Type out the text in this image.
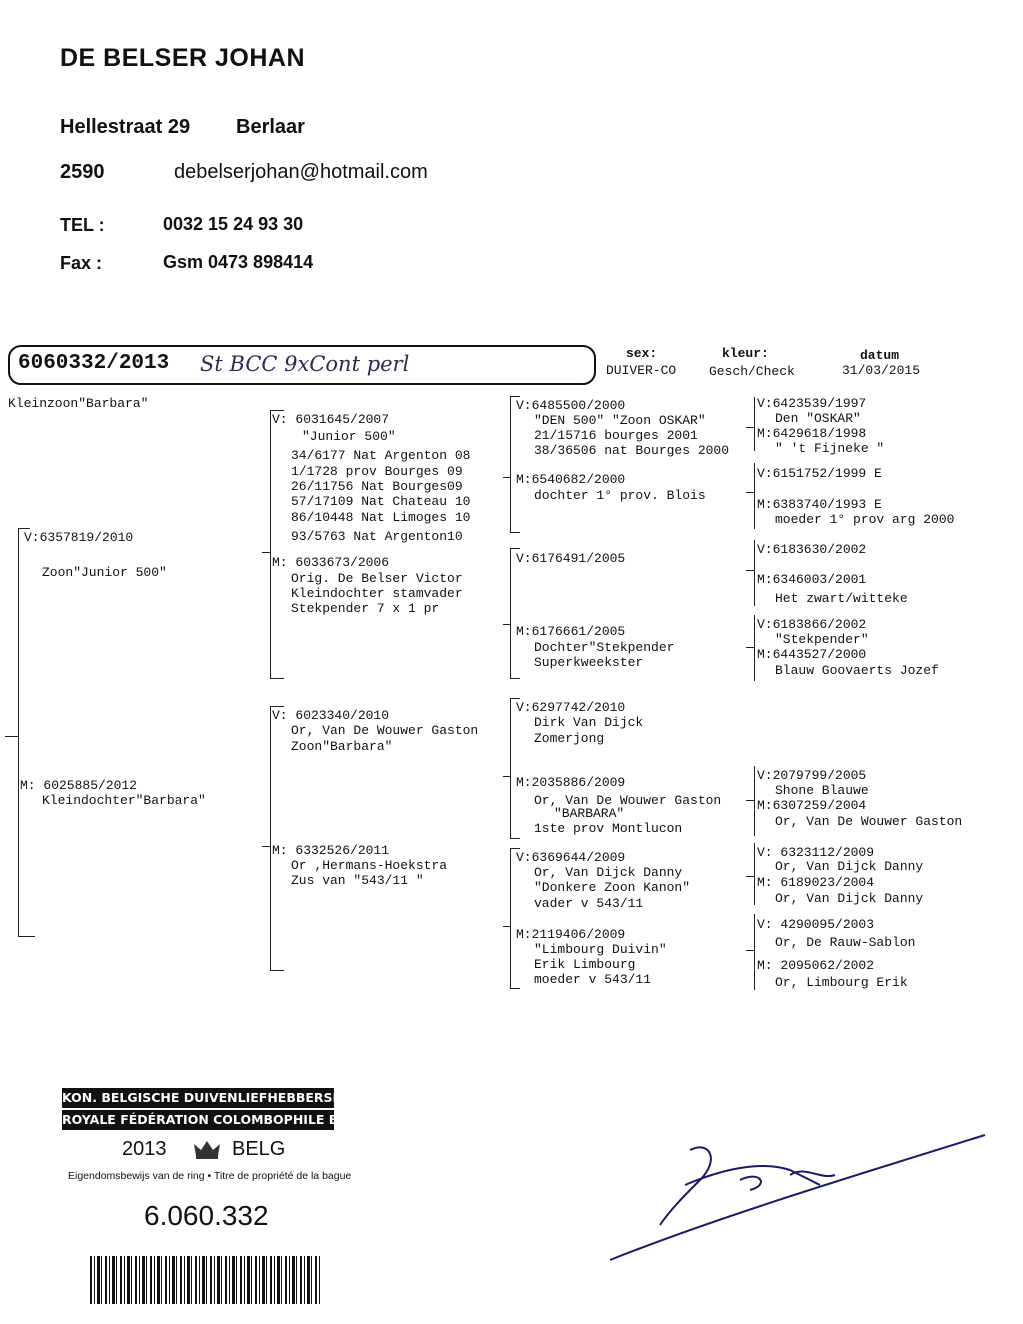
DE BELSER JOHAN
Hellestraat 29 Berlaar
2590	debelserjohan@hotmail.com
TEL :	0032 15 24 93 30
Fax :	Gsm 0473 898414
6060332/2013 St BCC 9xCont perl	sex:
DUIVER-CO
kleur:
Gesch/Check
datum
31/03/2015
Kleinzoon"Barbara"
V:6357819/2010
Zoon"Junior 500"
M: 6025885/2012
Kleindochter"Barbara"
V: 6031645/2007
"Junior 500"
34/6177 Nat Argenton 08
1/1728 prov Bourges 09
26/11756 Nat Bourges09
57/17109 Nat Chateau 10
86/10448 Nat Limoges 10
93/5763 Nat Argenton10
M: 6033673/2006
Orig. De Belser Victor
Kleindochter stamvader
Stekpender 7 x 1 pr
V: 6023340/2010
Or, Van De Wouwer Gaston
Zoon"Barbara"
M: 6332526/2011
Or ,Hermans-Hoekstra
Zus van "543/11 "
V:6485500/2000
"DEN 500" "Zoon OSKAR"
21/15716 bourges 2001
38/36506 nat Bourges 2000
M:6540682/2000
dochter 1° prov. Blois
V:6176491/2005
M:6176661/2005
Dochter"Stekpender
Superkweekster
V:6297742/2010
Dirk Van Dijck
Zomerjong
M:2035886/2009
Or, Van De Wouwer Gaston
"BARBARA"
1ste prov Montlucon
V:6369644/2009
Or, Van Dijck Danny
"Donkere Zoon Kanon"
vader v 543/11
M:2119406/2009
"Limbourg Duivin"
Erik Limbourg
moeder v 543/11
V:6423539/1997
Den "OSKAR"
M:6429618/1998
" 't Fijneke "
V:6151752/1999 E
M:6383740/1993 E
moeder 1° prov arg 2000
V:6183630/2002
M:6346003/2001
Het zwart/witteke
V:6183866/2002
"Stekpender"
M:6443527/2000
Blauw Goovaerts Jozef
V:2079799/2005
Shone Blauwe
M:6307259/2004
Or, Van De Wouwer Gaston
V: 6323112/2009
Or, Van Dijck Danny
M: 6189023/2004
Or, Van Dijck Danny
V: 4290095/2003
Or, De Rauw-Sablon
M: 2095062/2002
Or, Limbourg Erik
KON. BELGISCHE DUIVENLIEFHEBBERSBOND
ROYALE FÉDÉRATION COLOMBOPHILE BELGE
2013	BELG
Eigendomsbewijs van de ring • Titre de propriété de la bague
6.060.332
